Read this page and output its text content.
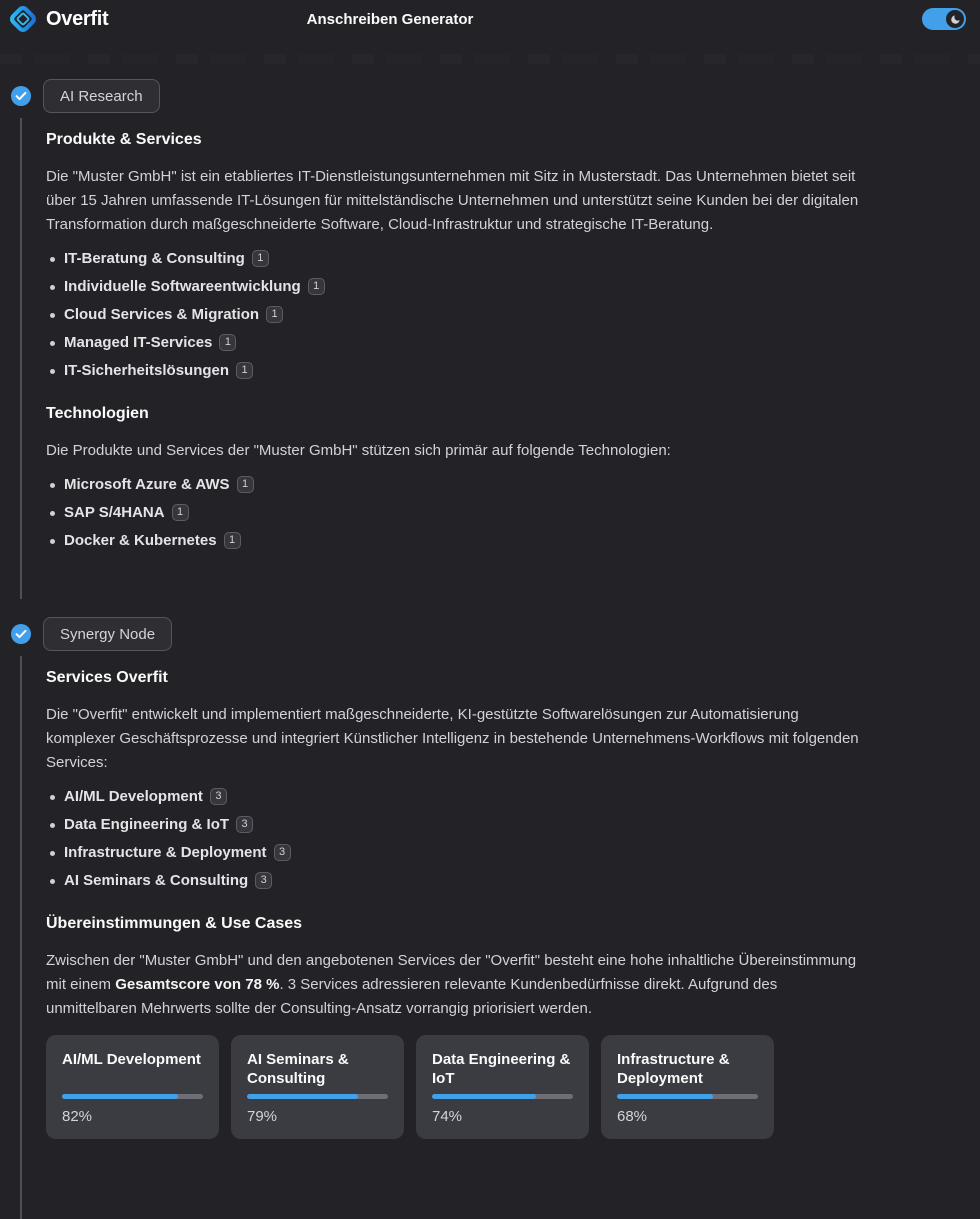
Overfit	Anschreiben Generator
AI Research
Produkte & Services

Die "Muster GmbH" ist ein etabliertes IT-Dienstleistungsunternehmen mit Sitz in Musterstadt. Das Unternehmen bietet seit über 15 Jahren umfassende IT-Lösungen für mittelständische Unternehmen und unterstützt seine Kunden bei der digitalen Transformation durch maßgeschneiderte Software, Cloud-Infrastruktur und strategische IT-Beratung.

IT-Beratung & Consulting 1
Individuelle Softwareentwicklung 1
Cloud Services & Migration 1
Managed IT-Services 1
IT-Sicherheitslösungen 1
Technologien

Die Produkte und Services der "Muster GmbH" stützen sich primär auf folgende Technologien:

Microsoft Azure & AWS 1
SAP S/4HANA 1
Docker & Kubernetes 1
Synergy Node
Services Overfit

Die "Overfit" entwickelt und implementiert maßgeschneiderte, KI-gestützte Softwarelösungen zur Automatisierung komplexer Geschäftsprozesse und integriert Künstlicher Intelligenz in bestehende Unternehmens-Workflows mit folgenden Services:

AI/ML Development 3
Data Engineering & IoT 3
Infrastructure & Deployment 3
AI Seminars & Consulting 3
Übereinstimmungen & Use Cases

Zwischen der "Muster GmbH" und den angebotenen Services der "Overfit" besteht eine hohe inhaltliche Übereinstimmung mit einem Gesamtscore von 78 %. 3 Services adressieren relevante Kundenbedürfnisse direkt. Aufgrund des unmittelbaren Mehrwerts sollte der Consulting-Ansatz vorrangig priorisiert werden.

AI/ML Development
82%
AI Seminars & Consulting
79%
Data Engineering & IoT
74%
Infrastructure & Deployment
68%
